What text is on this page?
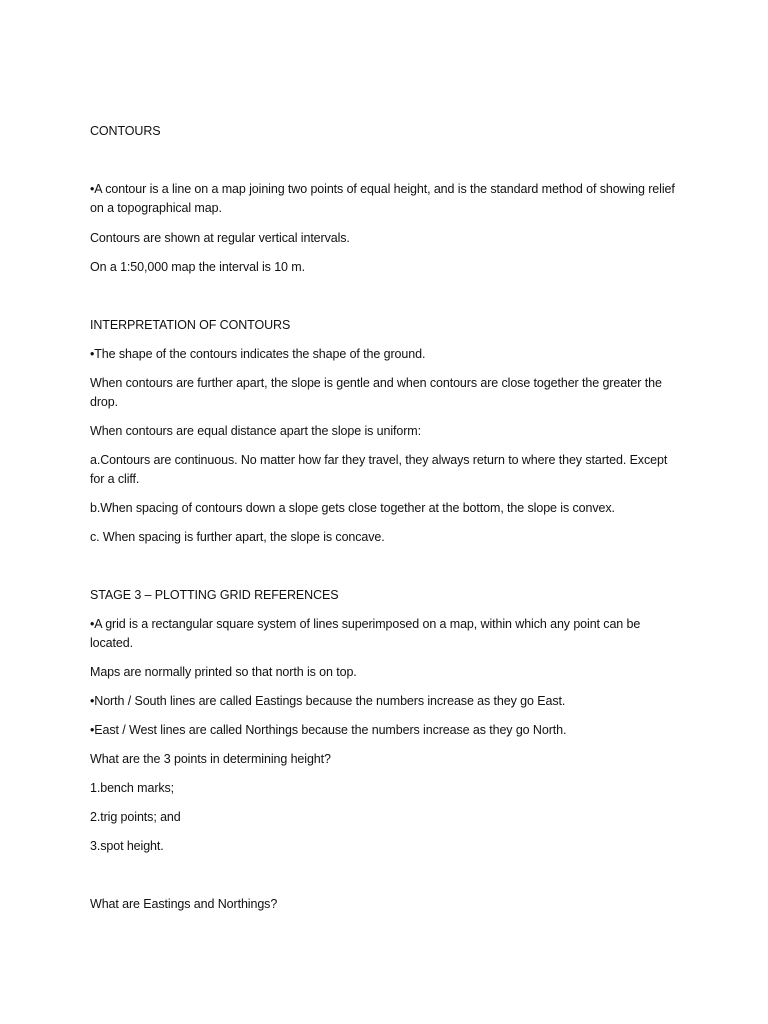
CONTOURS
•A contour is a line on a map joining two points of equal height, and is the standard method of showing relief on a topographical map.
Contours are shown at regular vertical intervals.
On a 1:50,000 map the interval is 10 m.
INTERPRETATION OF CONTOURS
•The shape of the contours indicates the shape of the ground.
When contours are further apart, the slope is gentle and when contours are close together the greater the drop.
When contours are equal distance apart the slope is uniform:
a.Contours are continuous. No matter how far they travel, they always return to where they started. Except for a cliff.
b.When spacing of contours down a slope gets close together at the bottom, the slope is convex.
c. When spacing is further apart, the slope is concave.
STAGE 3 – PLOTTING GRID REFERENCES
•A grid is a rectangular square system of lines superimposed on a map, within which any point can be located.
Maps are normally printed so that north is on top.
•North / South lines are called Eastings because the numbers increase as they go East.
•East / West lines are called Northings because the numbers increase as they go North.
What are the 3 points in determining height?
1.bench marks;
2.trig points; and
3.spot height.
What are Eastings and Northings?
